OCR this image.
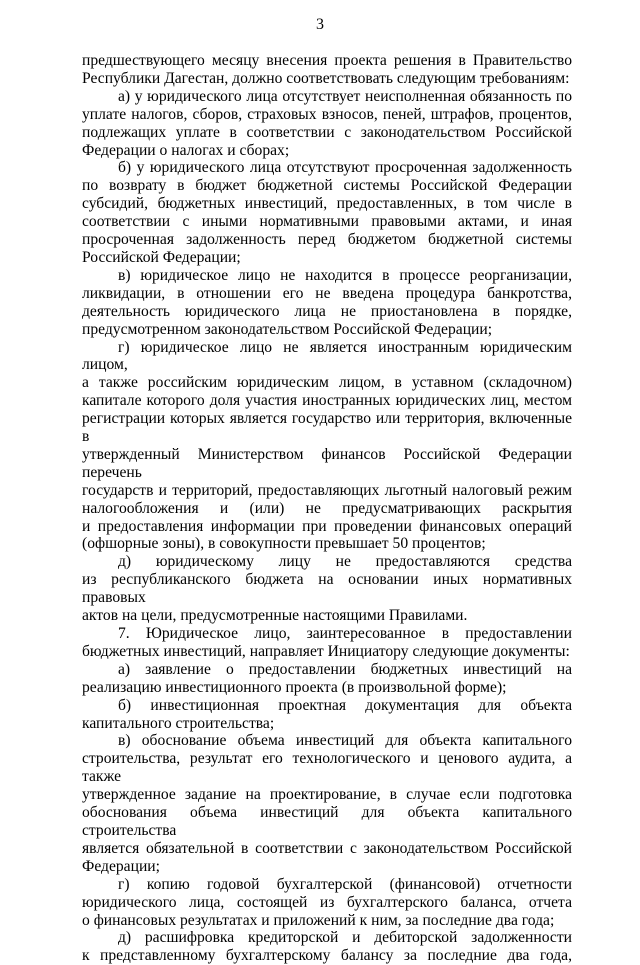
3

предшествующего месяцу внесения проекта решения в Правительство

Республики Дагестан, должно соответствовать следующим требованиям:

а) у юридического лица отсутствует неисполненная обязанность по

уплате налогов, сборов, страховых взносов, пеней, штрафов, процентов,

подлежащих уплате в соответствии с законодательством Российской

Федерации о налогах и сборах;

б) у юридического лица отсутствуют просроченная задолженность

по возврату в бюджет бюджетной системы Российской Федерации

субсидий, бюджетных инвестиций, предоставленных, в том числе в

соответствии с иными нормативными правовыми актами, и иная

просроченная задолженность перед бюджетом бюджетной системы

Российской Федерации;

в) юридическое лицо не находится в процессе реорганизации,

ликвидации, в отношении его не введена процедура банкротства,

деятельность юридического лица не приостановлена в порядке,

предусмотренном законодательством Российской Федерации;

г) юридическое лицо не является иностранным юридическим лицом,

а также российским юридическим лицом, в уставном (складочном)

капитале которого доля участия иностранных юридических лиц, местом

регистрации которых является государство или территория, включенные в

утвержденный Министерством финансов Российской Федерации перечень

государств и территорий, предоставляющих льготный налоговый режим

налогообложения и (или) не предусматривающих раскрытия

и предоставления информации при проведении финансовых операций

(офшорные зоны), в совокупности превышает 50 процентов;

д) юридическому лицу не предоставляются средства

из республиканского бюджета на основании иных нормативных правовых

актов на цели, предусмотренные настоящими Правилами.

7. Юридическое лицо, заинтересованное в предоставлении

бюджетных инвестиций, направляет Инициатору следующие документы:

а) заявление о предоставлении бюджетных инвестиций на

реализацию инвестиционного проекта (в произвольной форме);

б) инвестиционная проектная документация для объекта

капитального строительства;

в) обоснование объема инвестиций для объекта капитального

строительства, результат его технологического и ценового аудита, а также

утвержденное задание на проектирование, в случае если подготовка

обоснования объема инвестиций для объекта капитального строительства

является обязательной в соответствии с законодательством Российской

Федерации;

г) копию годовой бухгалтерской (финансовой) отчетности

юридического лица, состоящей из бухгалтерского баланса, отчета

о финансовых результатах и приложений к ним, за последние два года;

д) расшифровка кредиторской и дебиторской задолженности

к представленному бухгалтерскому балансу за последние два года,
